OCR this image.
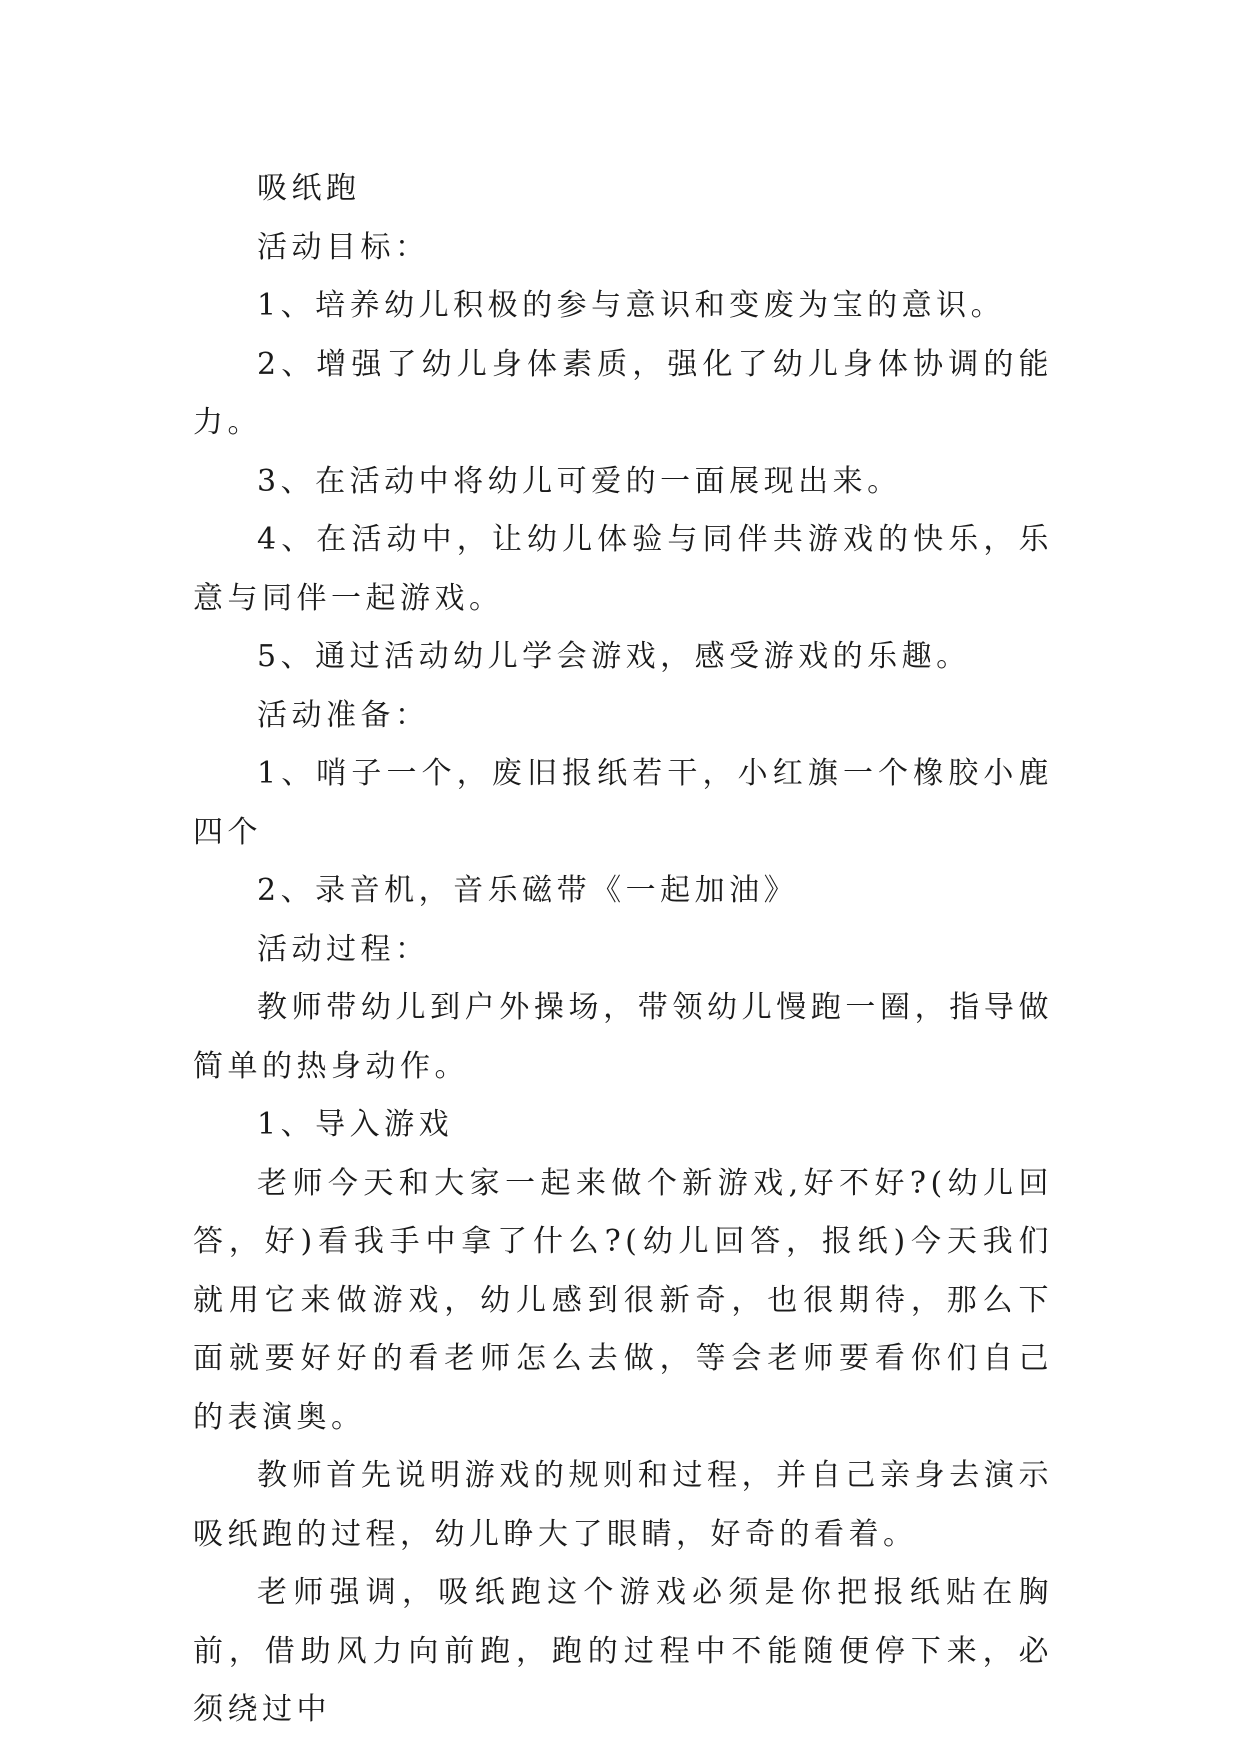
吸纸跑

活动目标：

1、培养幼儿积极的参与意识和变废为宝的意识。

2、增强了幼儿身体素质，强化了幼儿身体协调的能力。

3、在活动中将幼儿可爱的一面展现出来。

4、在活动中，让幼儿体验与同伴共游戏的快乐，乐意与同伴一起游戏。

5、通过活动幼儿学会游戏，感受游戏的乐趣。

活动准备：

1、哨子一个，废旧报纸若干，小红旗一个橡胶小鹿四个

2、录音机，音乐磁带《一起加油》

活动过程：

教师带幼儿到户外操场，带领幼儿慢跑一圈，指导做简单的热身动作。

1、导入游戏

老师今天和大家一起来做个新游戏,好不好?(幼儿回答，好)看我手中拿了什么?(幼儿回答，报纸)今天我们就用它来做游戏，幼儿感到很新奇，也很期待，那么下面就要好好的看老师怎么去做，等会老师要看你们自己的表演奥。

教师首先说明游戏的规则和过程，并自己亲身去演示吸纸跑的过程，幼儿睁大了眼睛，好奇的看着。

老师强调，吸纸跑这个游戏必须是你把报纸贴在胸前，借助风力向前跑，跑的过程中不能随便停下来，必须绕过中
